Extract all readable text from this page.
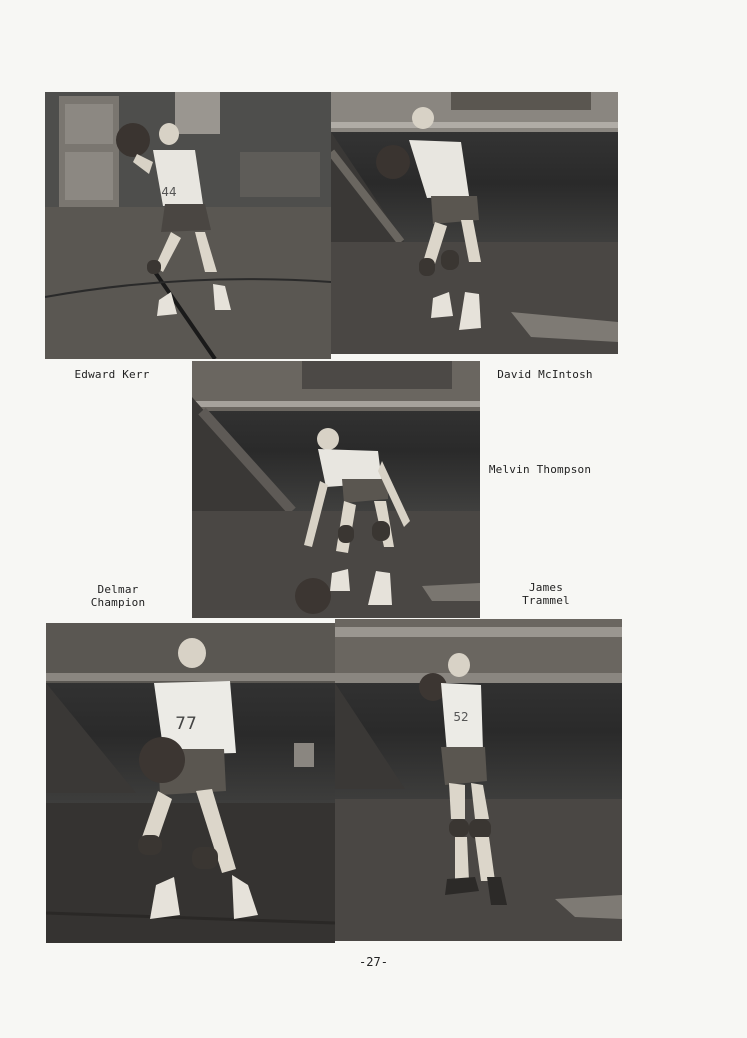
44
77	52
Edward Kerr	David McIntosh
Melvin Thompson
Delmar
Champion
James
Trammel
-27-
